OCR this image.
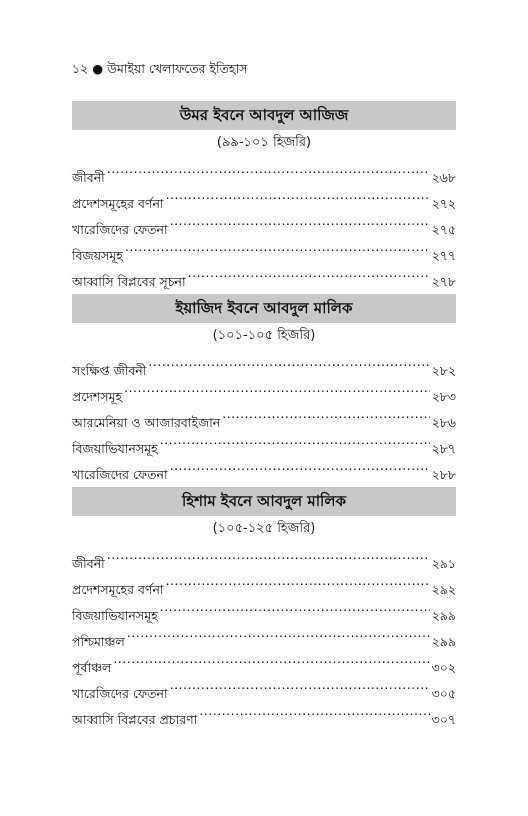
১২ ● উমাইয়া খেলাফতের ইতিহাস
উমর ইবনে আবদুল আজিজ
(৯৯-১০১ হিজরি)
জীবনী .....	২৬৮
প্রদেশসমূহের বর্ণনা .....	২৭২
খারেজিদের ফেতনা .....	২৭৫
বিজয়সমূহ .....	২৭৭
আব্বাসি বিপ্লবের সূচনা .....	২৭৮
ইয়াজিদ ইবনে আবদুল মালিক
(১০১-১০৫ হিজরি)
সংক্ষিপ্ত জীবনী .....	২৮২
প্রদেশসমূহ .....	২৮৩
আরমেনিয়া ও আজারবাইজান .....	২৮৬
বিজয়াভিযানসমূহ .....	২৮৭
খারেজিদের ফেতনা .....	২৮৮
হিশাম ইবনে আবদুল মালিক
(১০৫-১২৫ হিজরি)
জীবনী .....	২৯১
প্রদেশসমূহের বর্ণনা .....	২৯২
বিজয়াভিযানসমূহ .....	২৯৯
পশ্চিমাঞ্চল .....	২৯৯
পূর্বাঞ্চল .....	৩০২
খারেজিদের ফেতনা .....	৩০৫
আব্বাসি বিপ্লবের প্রচারণা .....	৩০৭
